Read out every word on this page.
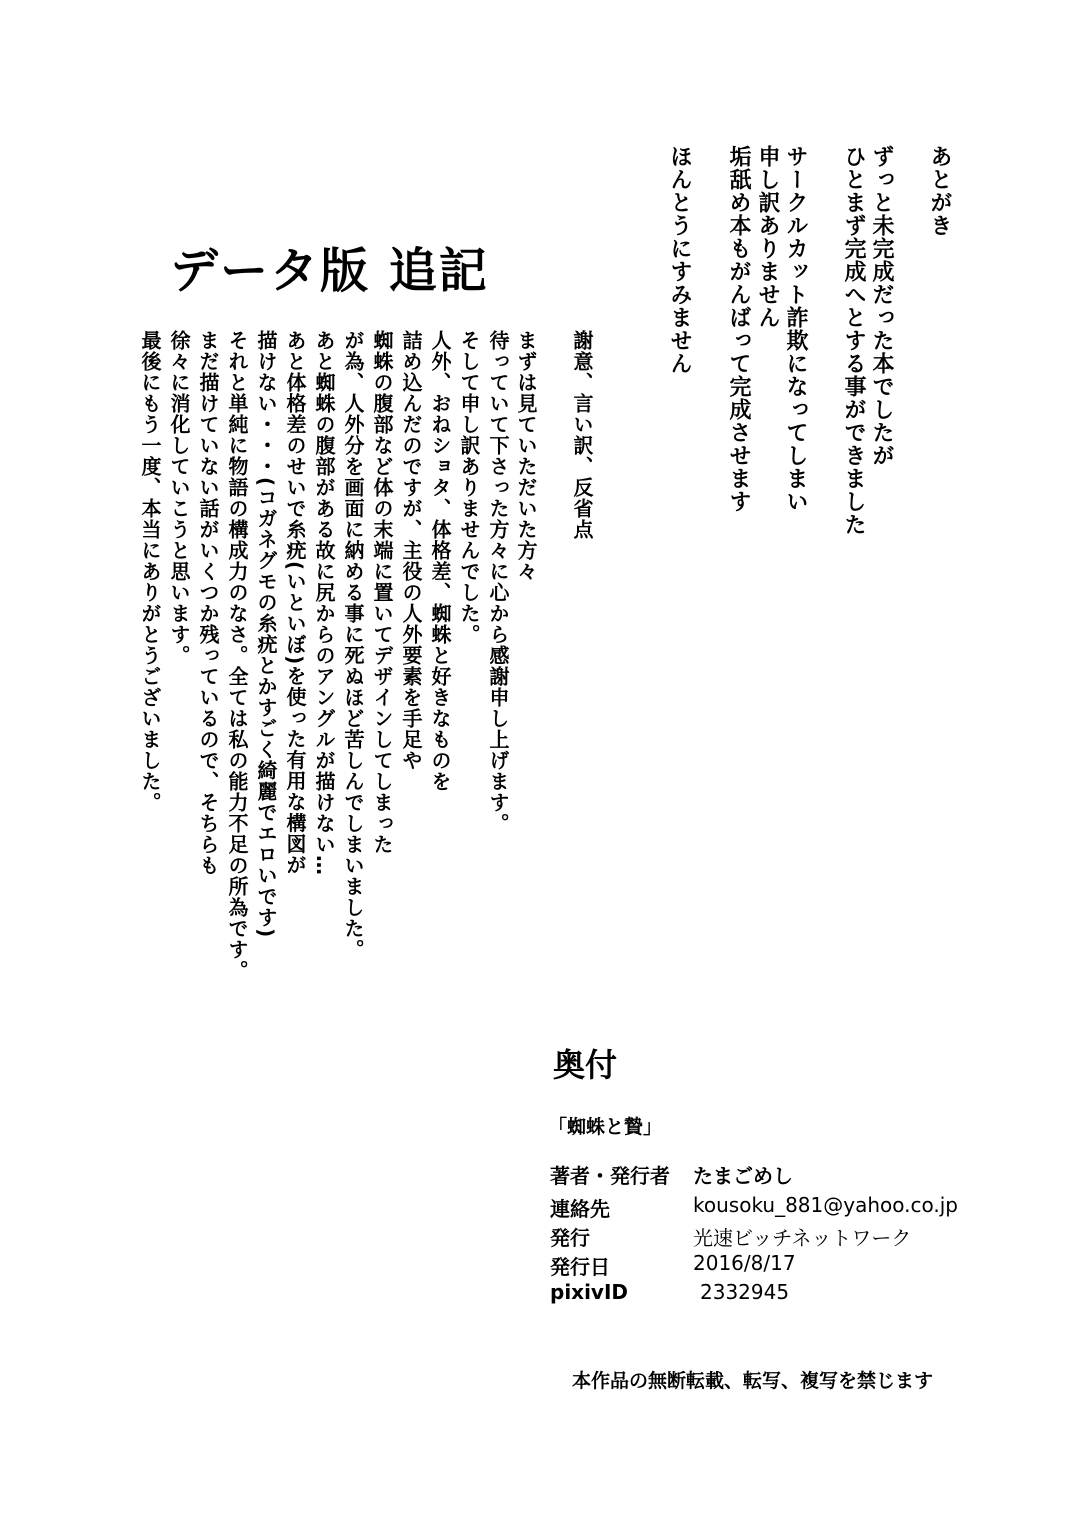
あとがき
ずっと未完成だった本でしたが
ひとまず完成へとする事ができました
サークルカット詐欺になってしまい
申し訳ありません
垢舐め本もがんばって完成させます
ほんとうにすみません
データ版 追記
謝意、言い訳、反省点
まずは見ていただいた方々
待っていて下さった方々に心から感謝申し上げます。
そして申し訳ありませんでした。
人外、おねショタ、体格差、蜘蛛と好きなものを
詰め込んだのですが、主役の人外要素を手足や
蜘蛛の腹部など体の末端に置いてデザインしてしまった
が為、人外分を画面に納める事に死ぬほど苦しんでしまいました。
あと蜘蛛の腹部がある故に尻からのアングルが描けない…
あと体格差のせいで糸疣(いといぼ)を使った有用な構図が
描けない・・・(コガネグモの糸疣とかすごく綺麗でエロいです)
それと単純に物語の構成力のなさ。全ては私の能力不足の所為です。
まだ描けていない話がいくつか残っているので、そちらも
徐々に消化していこうと思います。
最後にもう一度、本当にありがとうございました。
奥付
「蜘蛛と贄」
著者・発行者 たまごめし
連絡先	kousoku_881@yahoo.co.jp
発行	光速ビッチネットワーク
発行日	2016/8/17
pixivID	2332945
本作品の無断転載、転写、複写を禁じます
